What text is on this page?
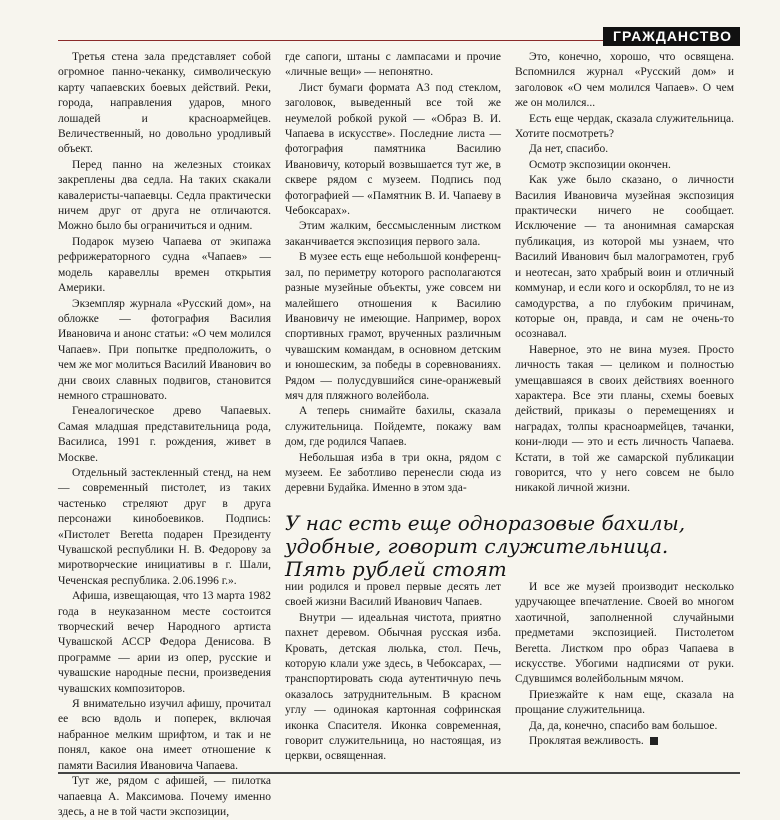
ГРАЖДАНСТВО

Третья стена зала представляет собой огромное панно-чеканку, символическую карту чапаевских боевых действий. Реки, города, направления ударов, много лошадей и красноармейцев. Величественный, но довольно уродливый объект.

Перед панно на железных стоиках закреплены два седла. На таких скакали кавалеристы-чапаевцы. Седла практически ничем друг от друга не отличаются. Можно было бы ограничиться и одним.

Подарок музею Чапаева от экипажа рефрижераторного судна «Чапаев» — модель каравеллы времен открытия Америки.

Экземпляр журнала «Русский дом», на обложке — фотография Василия Ивановича и анонс статьи: «О чем молился Чапаев». При попытке предположить, о чем же мог молиться Василий Иванович во дни своих славных подвигов, становится немного страшновато.

Генеалогическое древо Чапаевых. Самая младшая представительница рода, Василиса, 1991 г. рождения, живет в Москве.

Отдельный застекленный стенд, на нем — современный пистолет, из таких частенько стреляют друг в друга персонажи кинобоевиков. Подпись: «Пистолет Beretta подарен Президенту Чувашской республики Н. В. Федорову за миротворческие инициативы в г. Шали, Чеченская республика. 2.06.1996 г.».

Афиша, извещающая, что 13 марта 1982 года в неуказанном месте состоится творческий вечер Народного артиста Чувашской АССР Федора Денисова. В программе — арии из опер, русские и чувашские народные песни, произведения чувашских композиторов.

Я внимательно изучил афишу, прочитал ее всю вдоль и поперек, включая набранное мелким шрифтом, и так и не понял, какое она имеет отношение к памяти Василия Ивановича Чапаева.

Тут же, рядом с афишей, — пилотка чапаевца А. Максимова. Почему именно здесь, а не в той части экспозиции,

где сапоги, штаны с лампасами и прочие «личные вещи» — непонятно.

Лист бумаги формата А3 под стеклом, заголовок, выведенный все той же неумелой робкой рукой — «Образ В. И. Чапаева в искусстве». Последние листа — фотография памятника Василию Ивановичу, который возвышается тут же, в сквере рядом с музеем. Подпись под фотографией — «Памятник В. И. Чапаеву в Чебоксарах».

Этим жалким, бессмысленным листком заканчивается экспозиция первого зала.

В музее есть еще небольшой конференц-зал, по периметру которого располагаются разные музейные объекты, уже совсем ни малейшего отношения к Василию Ивановичу не имеющие. Например, ворох спортивных грамот, врученных различным чувашским командам, в основном детским и юношеским, за победы в соревнованиях. Рядом — полусдувшийся сине-оранжевый мяч для пляжного волейбола.

А теперь снимайте бахилы, сказала служительница. Пойдемте, покажу вам дом, где родился Чапаев.

Небольшая изба в три окна, рядом с музеем. Ее заботливо перенесли сюда из деревни Будайка. Именно в этом зда-

Это, конечно, хорошо, что освящена. Вспомнился журнал «Русский дом» и заголовок «О чем молился Чапаев». О чем же он молился...

Есть еще чердак, сказала служительница. Хотите посмотреть?

Да нет, спасибо.

Осмотр экспозиции окончен.

Как уже было сказано, о личности Василия Ивановича музейная экспозиция практически ничего не сообщает. Исключение — та анонимная самарская публикация, из которой мы узнаем, что Василий Иванович был малограмотен, груб и неотесан, зато храбрый воин и отличный коммунар, и если кого и оскорблял, то не из самодурства, а по глубоким причинам, которые он, правда, и сам не очень-то осознавал.

Наверное, это не вина музея. Просто личность такая — целиком и полностью умещавшаяся в своих действиях военного характера. Все эти планы, схемы боевых действий, приказы о перемещениях и наградах, толпы красноармейцев, тачанки, кони-люди — это и есть личность Чапаева. Кстати, в той же самарской публикации говорится, что у него совсем не было никакой личной жизни.

У нас есть еще одноразовые бахилы, удобные, говорит служительница. Пять рублей стоят

нии родился и провел первые десять лет своей жизни Василий Иванович Чапаев.

Внутри — идеальная чистота, приятно пахнет деревом. Обычная русская изба. Кровать, детская люлька, стол. Печь, которую клали уже здесь, в Чебоксарах, — транспортировать сюда аутентичную печь оказалось затруднительным. В красном углу — одинокая картонная софринская иконка Спасителя. Иконка современная, говорит служительница, но настоящая, из церкви, освященная.

И все же музей производит несколько удручающее впечатление. Своей во многом хаотичной, заполненной случайными предметами экспозицией. Пистолетом Beretta. Листком про образ Чапаева в искусстве. Убогими надписями от руки. Сдувшимся волейбольным мячом.

Приезжайте к нам еще, сказала на прощание служительница.

Да, да, конечно, спасибо вам большое.

Проклятая вежливость.
